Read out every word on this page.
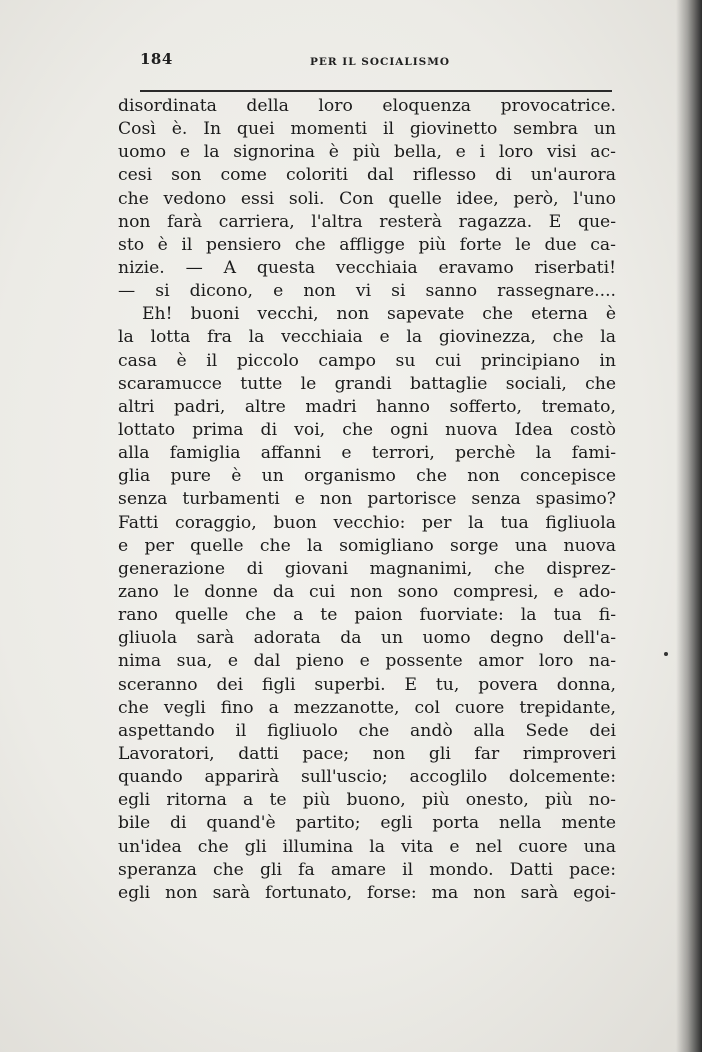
184	PER IL SOCIALISMO
disordinata della loro eloquenza provocatrice.
Così è. In quei momenti il giovinetto sembra un
uomo e la signorina è più bella, e i loro visi ac-
cesi son come coloriti dal riflesso di un'aurora
che vedono essi soli. Con quelle idee, però, l'uno
non farà carriera, l'altra resterà ragazza. E que-
sto è il pensiero che affligge più forte le due ca-
nizie. — A questa vecchiaia eravamo riserbati!
— si dicono, e non vi si sanno rassegnare....
Eh! buoni vecchi, non sapevate che eterna è
la lotta fra la vecchiaia e la giovinezza, che la
casa è il piccolo campo su cui principiano in
scaramucce tutte le grandi battaglie sociali, che
altri padri, altre madri hanno sofferto, tremato,
lottato prima di voi, che ogni nuova Idea costò
alla famiglia affanni e terrori, perchè la fami-
glia pure è un organismo che non concepisce
senza turbamenti e non partorisce senza spasimo?
Fatti coraggio, buon vecchio: per la tua figliuola
e per quelle che la somigliano sorge una nuova
generazione di giovani magnanimi, che disprez-
zano le donne da cui non sono compresi, e ado-
rano quelle che a te paion fuorviate: la tua fi-
gliuola sarà adorata da un uomo degno dell'a-
nima sua, e dal pieno e possente amor loro na-
sceranno dei figli superbi. E tu, povera donna,
che vegli fino a mezzanotte, col cuore trepidante,
aspettando il figliuolo che andò alla Sede dei
Lavoratori, datti pace; non gli far rimproveri
quando apparirà sull'uscio; accoglilo dolcemente:
egli ritorna a te più buono, più onesto, più no-
bile di quand'è partito; egli porta nella mente
un'idea che gli illumina la vita e nel cuore una
speranza che gli fa amare il mondo. Datti pace:
egli non sarà fortunato, forse: ma non sarà egoi-
